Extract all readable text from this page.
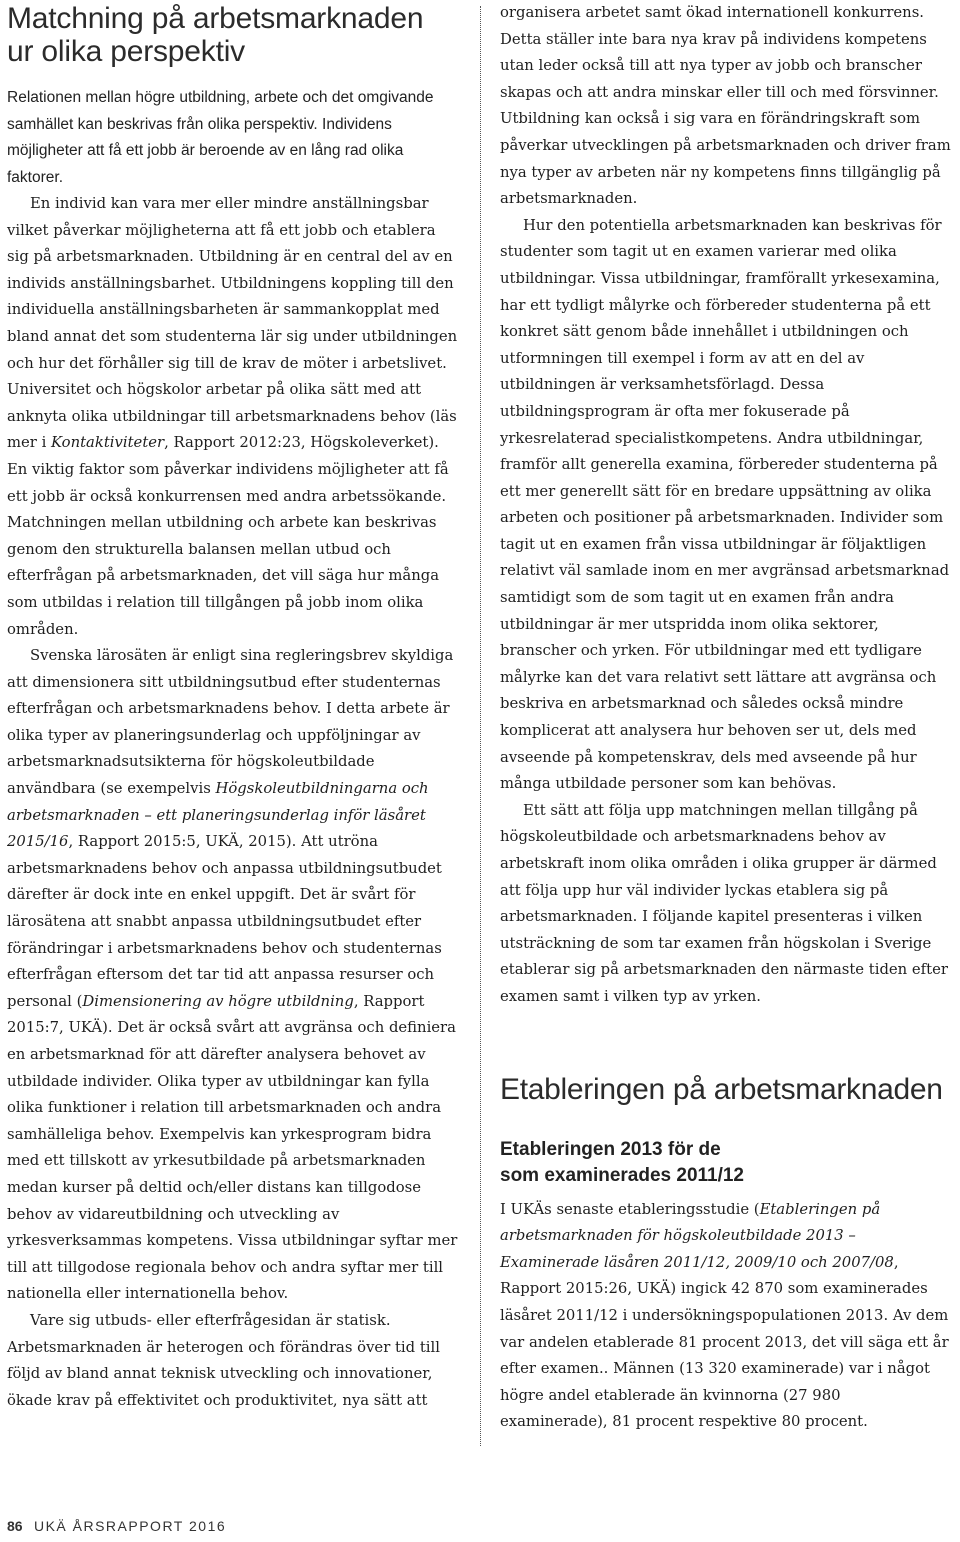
Matchning på arbetsmarknaden
ur olika perspektiv
Relationen mellan högre utbildning, arbete och det omgivande samhället kan beskrivas från olika perspektiv. Individens möjligheter att få ett jobb är beroende av en lång rad olika faktorer.

En individ kan vara mer eller mindre anställningsbar vilket påverkar möjligheterna att få ett jobb och etablera sig på arbetsmarknaden. Utbildning är en central del av en individs anställningsbarhet. Utbildningens koppling till den individuella anställningsbarheten är sammankopplat med bland annat det som studenterna lär sig under utbildningen och hur det förhåller sig till de krav de möter i arbetslivet. Universitet och högskolor arbetar på olika sätt med att anknyta olika utbildningar till arbetsmarknadens behov (läs mer i Kontaktiviteter, Rapport 2012:23, Högskoleverket). En viktig faktor som påverkar individens möjligheter att få ett jobb är också konkurrensen med andra arbetssökande. Matchningen mellan utbildning och arbete kan beskrivas genom den strukturella balansen mellan utbud och efterfrågan på arbetsmarknaden, det vill säga hur många som utbildas i relation till tillgången på jobb inom olika områden.

Svenska lärosäten är enligt sina regleringsbrev skyldiga att dimensionera sitt utbildningsutbud efter studenternas efterfrågan och arbetsmarknadens behov. I detta arbete är olika typer av planeringsunderlag och uppföljningar av arbetsmarknadsutsikterna för högskoleutbildade användbara (se exempelvis Högskoleutbildningarna och arbetsmarknaden – ett planeringsunderlag inför läsåret 2015/16, Rapport 2015:5, UKÄ, 2015). Att utröna arbetsmarknadens behov och anpassa utbildningsutbudet därefter är dock inte en enkel uppgift. Det är svårt för lärosätena att snabbt anpassa utbildningsutbudet efter förändringar i arbetsmarknadens behov och studenternas efterfrågan eftersom det tar tid att anpassa resurser och personal (Dimensionering av högre utbildning, Rapport 2015:7, UKÄ). Det är också svårt att avgränsa och definiera en arbetsmarknad för att därefter analysera behovet av utbildade individer. Olika typer av utbildningar kan fylla olika funktioner i relation till arbetsmarknaden och andra samhälleliga behov. Exempelvis kan yrkesprogram bidra med ett tillskott av yrkesutbildade på arbetsmarknaden medan kurser på deltid och/eller distans kan tillgodose behov av vidareutbildning och utveckling av yrkesverksammas kompetens. Vissa utbildningar syftar mer till att tillgodose regionala behov och andra syftar mer till nationella eller internationella behov.

Vare sig utbuds- eller efterfrågesidan är statisk. Arbetsmarknaden är heterogen och förändras över tid till följd av bland annat teknisk utveckling och innovationer, ökade krav på effektivitet och produktivitet, nya sätt att

organisera arbetet samt ökad internationell konkurrens. Detta ställer inte bara nya krav på individens kompetens utan leder också till att nya typer av jobb och branscher skapas och att andra minskar eller till och med försvinner. Utbildning kan också i sig vara en förändringskraft som påverkar utvecklingen på arbetsmarknaden och driver fram nya typer av arbeten när ny kompetens finns tillgänglig på arbetsmarknaden.

Hur den potentiella arbetsmarknaden kan beskrivas för studenter som tagit ut en examen varierar med olika utbildningar. Vissa utbildningar, framförallt yrkesexamina, har ett tydligt målyrke och förbereder studenterna på ett konkret sätt genom både innehållet i utbildningen och utformningen till exempel i form av att en del av utbildningen är verksamhetsförlagd. Dessa utbildningsprogram är ofta mer fokuserade på yrkesrelaterad specialistkompetens. Andra utbildningar, framför allt generella examina, förbereder studenterna på ett mer generellt sätt för en bredare uppsättning av olika arbeten och positioner på arbetsmarknaden. Individer som tagit ut en examen från vissa utbildningar är följaktligen relativt väl samlade inom en mer avgränsad arbetsmarknad samtidigt som de som tagit ut en examen från andra utbildningar är mer utspridda inom olika sektorer, branscher och yrken. För utbildningar med ett tydligare målyrke kan det vara relativt sett lättare att avgränsa och beskriva en arbetsmarknad och således också mindre komplicerat att analysera hur behoven ser ut, dels med avseende på kompetenskrav, dels med avseende på hur många utbildade personer som kan behövas.

Ett sätt att följa upp matchningen mellan tillgång på högskoleutbildade och arbetsmarknadens behov av arbetskraft inom olika områden i olika grupper är därmed att följa upp hur väl individer lyckas etablera sig på arbetsmarknaden. I följande kapitel presenteras i vilken utsträckning de som tar examen från högskolan i Sverige etablerar sig på arbetsmarknaden den närmaste tiden efter examen samt i vilken typ av yrken.

Etableringen på arbetsmarknaden
Etableringen 2013 för de
som examinerades 2011/12

I UKÄs senaste etableringsstudie (Etableringen på arbetsmarknaden för högskoleutbildade 2013 – Examinerade läsåren 2011/12, 2009/10 och 2007/08, Rapport 2015:26, UKÄ) ingick 42 870 som examinerades läsåret 2011/12 i undersökningspopulationen 2013. Av dem var andelen etablerade 81 procent 2013, det vill säga ett år efter examen.. Männen (13 320 examinerade) var i något högre andel etablerade än kvinnorna (27 980 examinerade), 81 procent respektive 80 procent.

86 UKÄ ÅRSRAPPORT 2016
